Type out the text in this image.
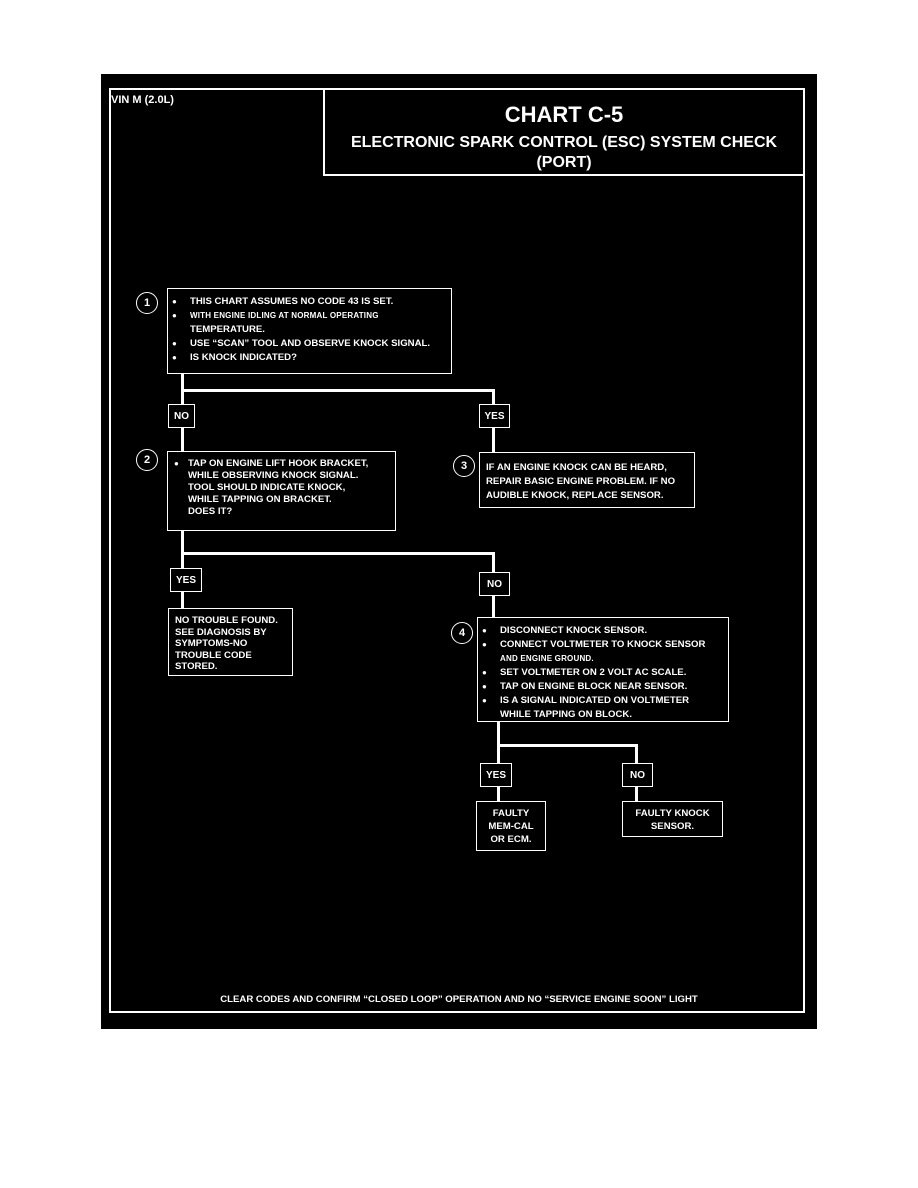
VIN M (2.0L)
CHART C-5
ELECTRONIC SPARK CONTROL (ESC) SYSTEM CHECK
(PORT)
1	● THIS CHART ASSUMES NO CODE 43 IS SET.
● WITH ENGINE IDLING AT NORMAL OPERATING
TEMPERATURE.
● USE “SCAN” TOOL AND OBSERVE KNOCK SIGNAL.
● IS KNOCK INDICATED?
NO	YES
2	● TAP ON ENGINE LIFT HOOK BRACKET,
WHILE OBSERVING KNOCK SIGNAL.
TOOL SHOULD INDICATE KNOCK,
WHILE TAPPING ON BRACKET.
DOES IT?
3	IF AN ENGINE KNOCK CAN BE HEARD,
REPAIR BASIC ENGINE PROBLEM. IF NO
AUDIBLE KNOCK, REPLACE SENSOR.
YES	NO
NO TROUBLE FOUND.
SEE DIAGNOSIS BY
SYMPTOMS-NO
TROUBLE CODE
STORED.
4	● DISCONNECT KNOCK SENSOR.
● CONNECT VOLTMETER TO KNOCK SENSOR
AND ENGINE GROUND.
● SET VOLTMETER ON 2 VOLT AC SCALE.
● TAP ON ENGINE BLOCK NEAR SENSOR.
● IS A SIGNAL INDICATED ON VOLTMETER
WHILE TAPPING ON BLOCK.
YES	NO
FAULTY
MEM-CAL
OR ECM.
FAULTY KNOCK
SENSOR.
CLEAR CODES AND CONFIRM “CLOSED LOOP” OPERATION AND NO “SERVICE ENGINE SOON” LIGHT
